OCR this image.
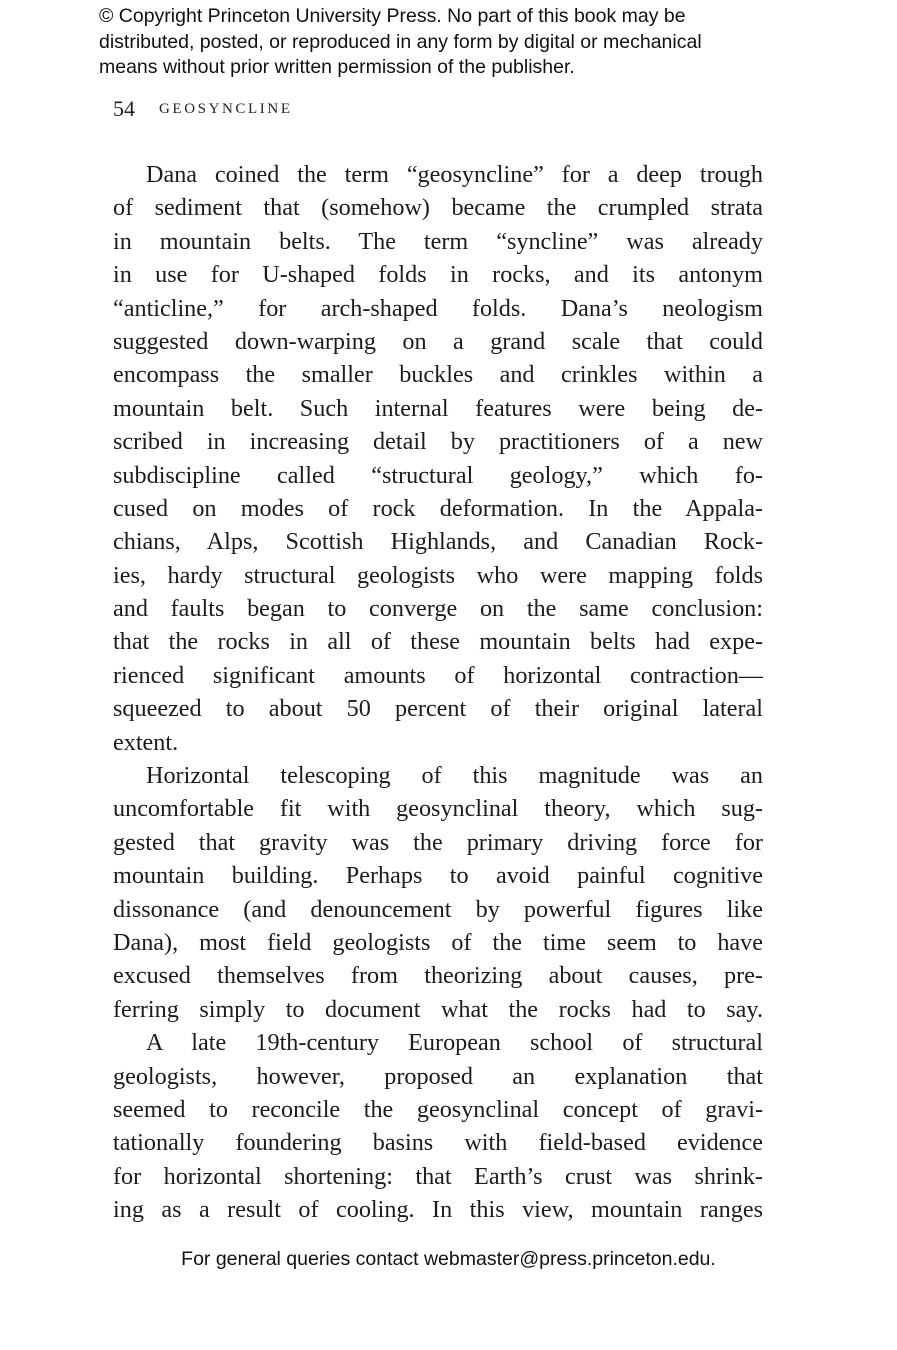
© Copyright Princeton University Press. No part of this book may be
distributed, posted, or reproduced in any form by digital or mechanical
means without prior written permission of the publisher.
54 GEOSYNCLINE
Dana coined the term “geosyncline” for a deep trough
of sediment that (somehow) became the crumpled strata
in mountain belts. The term “syncline” was already
in use for U-shaped folds in rocks, and its antonym
“anticline,” for arch-shaped folds. Dana’s neologism
suggested down-warping on a grand scale that could
encompass the smaller buckles and crinkles within a
mountain belt. Such internal features were being de-
scribed in increasing detail by practitioners of a new
subdiscipline called “structural geology,” which fo-
cused on modes of rock deformation. In the Appala-
chians, Alps, Scottish Highlands, and Canadian Rock-
ies, hardy structural geologists who were mapping folds
and faults began to converge on the same conclusion:
that the rocks in all of these mountain belts had expe-
rienced significant amounts of horizontal contraction—
squeezed to about 50 percent of their original lateral
extent.
Horizontal telescoping of this magnitude was an
uncomfortable fit with geosynclinal theory, which sug-
gested that gravity was the primary driving force for
mountain building. Perhaps to avoid painful cognitive
dissonance (and denouncement by powerful figures like
Dana), most field geologists of the time seem to have
excused themselves from theorizing about causes, pre-
ferring simply to document what the rocks had to say.
A late 19th-century European school of structural
geologists, however, proposed an explanation that
seemed to reconcile the geosynclinal concept of gravi-
tationally foundering basins with field-based evidence
for horizontal shortening: that Earth’s crust was shrink-
ing as a result of cooling. In this view, mountain ranges
For general queries contact webmaster@press.princeton.edu.
